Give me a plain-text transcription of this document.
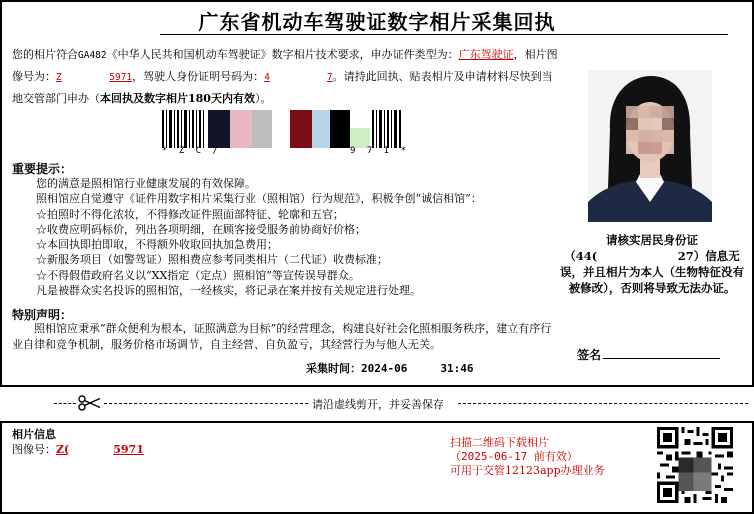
广东省机动车驾驶证数字相片采集回执
您的相片符合GA482《中华人民共和国机动车驾驶证》数字相片技术要求，申办证件类型为：广东驾驶证，相片图像号为：Z　　　　　	5971，驾驶人身份证明号码为：4　　　　　　	7。请持此回执、贴表相片及申请材料尽快到当地交管部门申办（本回执及数字相片180天内有效）。
* Z C /	9 7 1 *
请核实居民身份证
（44(　　　　　　　27）信息无误，并且相片为本人（生物特征没有被修改），否则将导致无法办证。
签名
重要提示：
您的满意是照相馆行业健康发展的有效保障。
照相馆应自觉遵守《证件用数字相片采集行业（照相馆）行为规范》，积极争创“诚信相馆”：
☆拍照时不得化浓妆，不得修改证件照面部特征、轮廓和五官；
☆收费应明码标价，列出各项明细，在顾客接受服务前协商好价格；
☆本回执即拍即取，不得额外收取回执加急费用；
☆新服务项目（如警驾证）照相费应参考同类相片（二代证）收费标准；
☆不得假借政府名义以“XX指定（定点）照相馆”等宣传误导群众。
凡是被群众实名投诉的照相馆，一经核实，将记录在案并按有关规定进行处理。
特别声明：
照相馆应秉承“群众便利为根本，证照满意为目标”的经营理念，构建良好社会化照相服务秩序，建立有序行业自律和竞争机制，服务价格市场调节，自主经营、自负盈亏，其经营行为与他人无关。
采集时间：2024-06　　　	31:46
请沿虚线剪开，并妥善保存
相片信息
图像号：Z(　　　　	5971
扫描二维码下载相片
（2025-06-17 前有效）
可用于交管12123app办理业务
